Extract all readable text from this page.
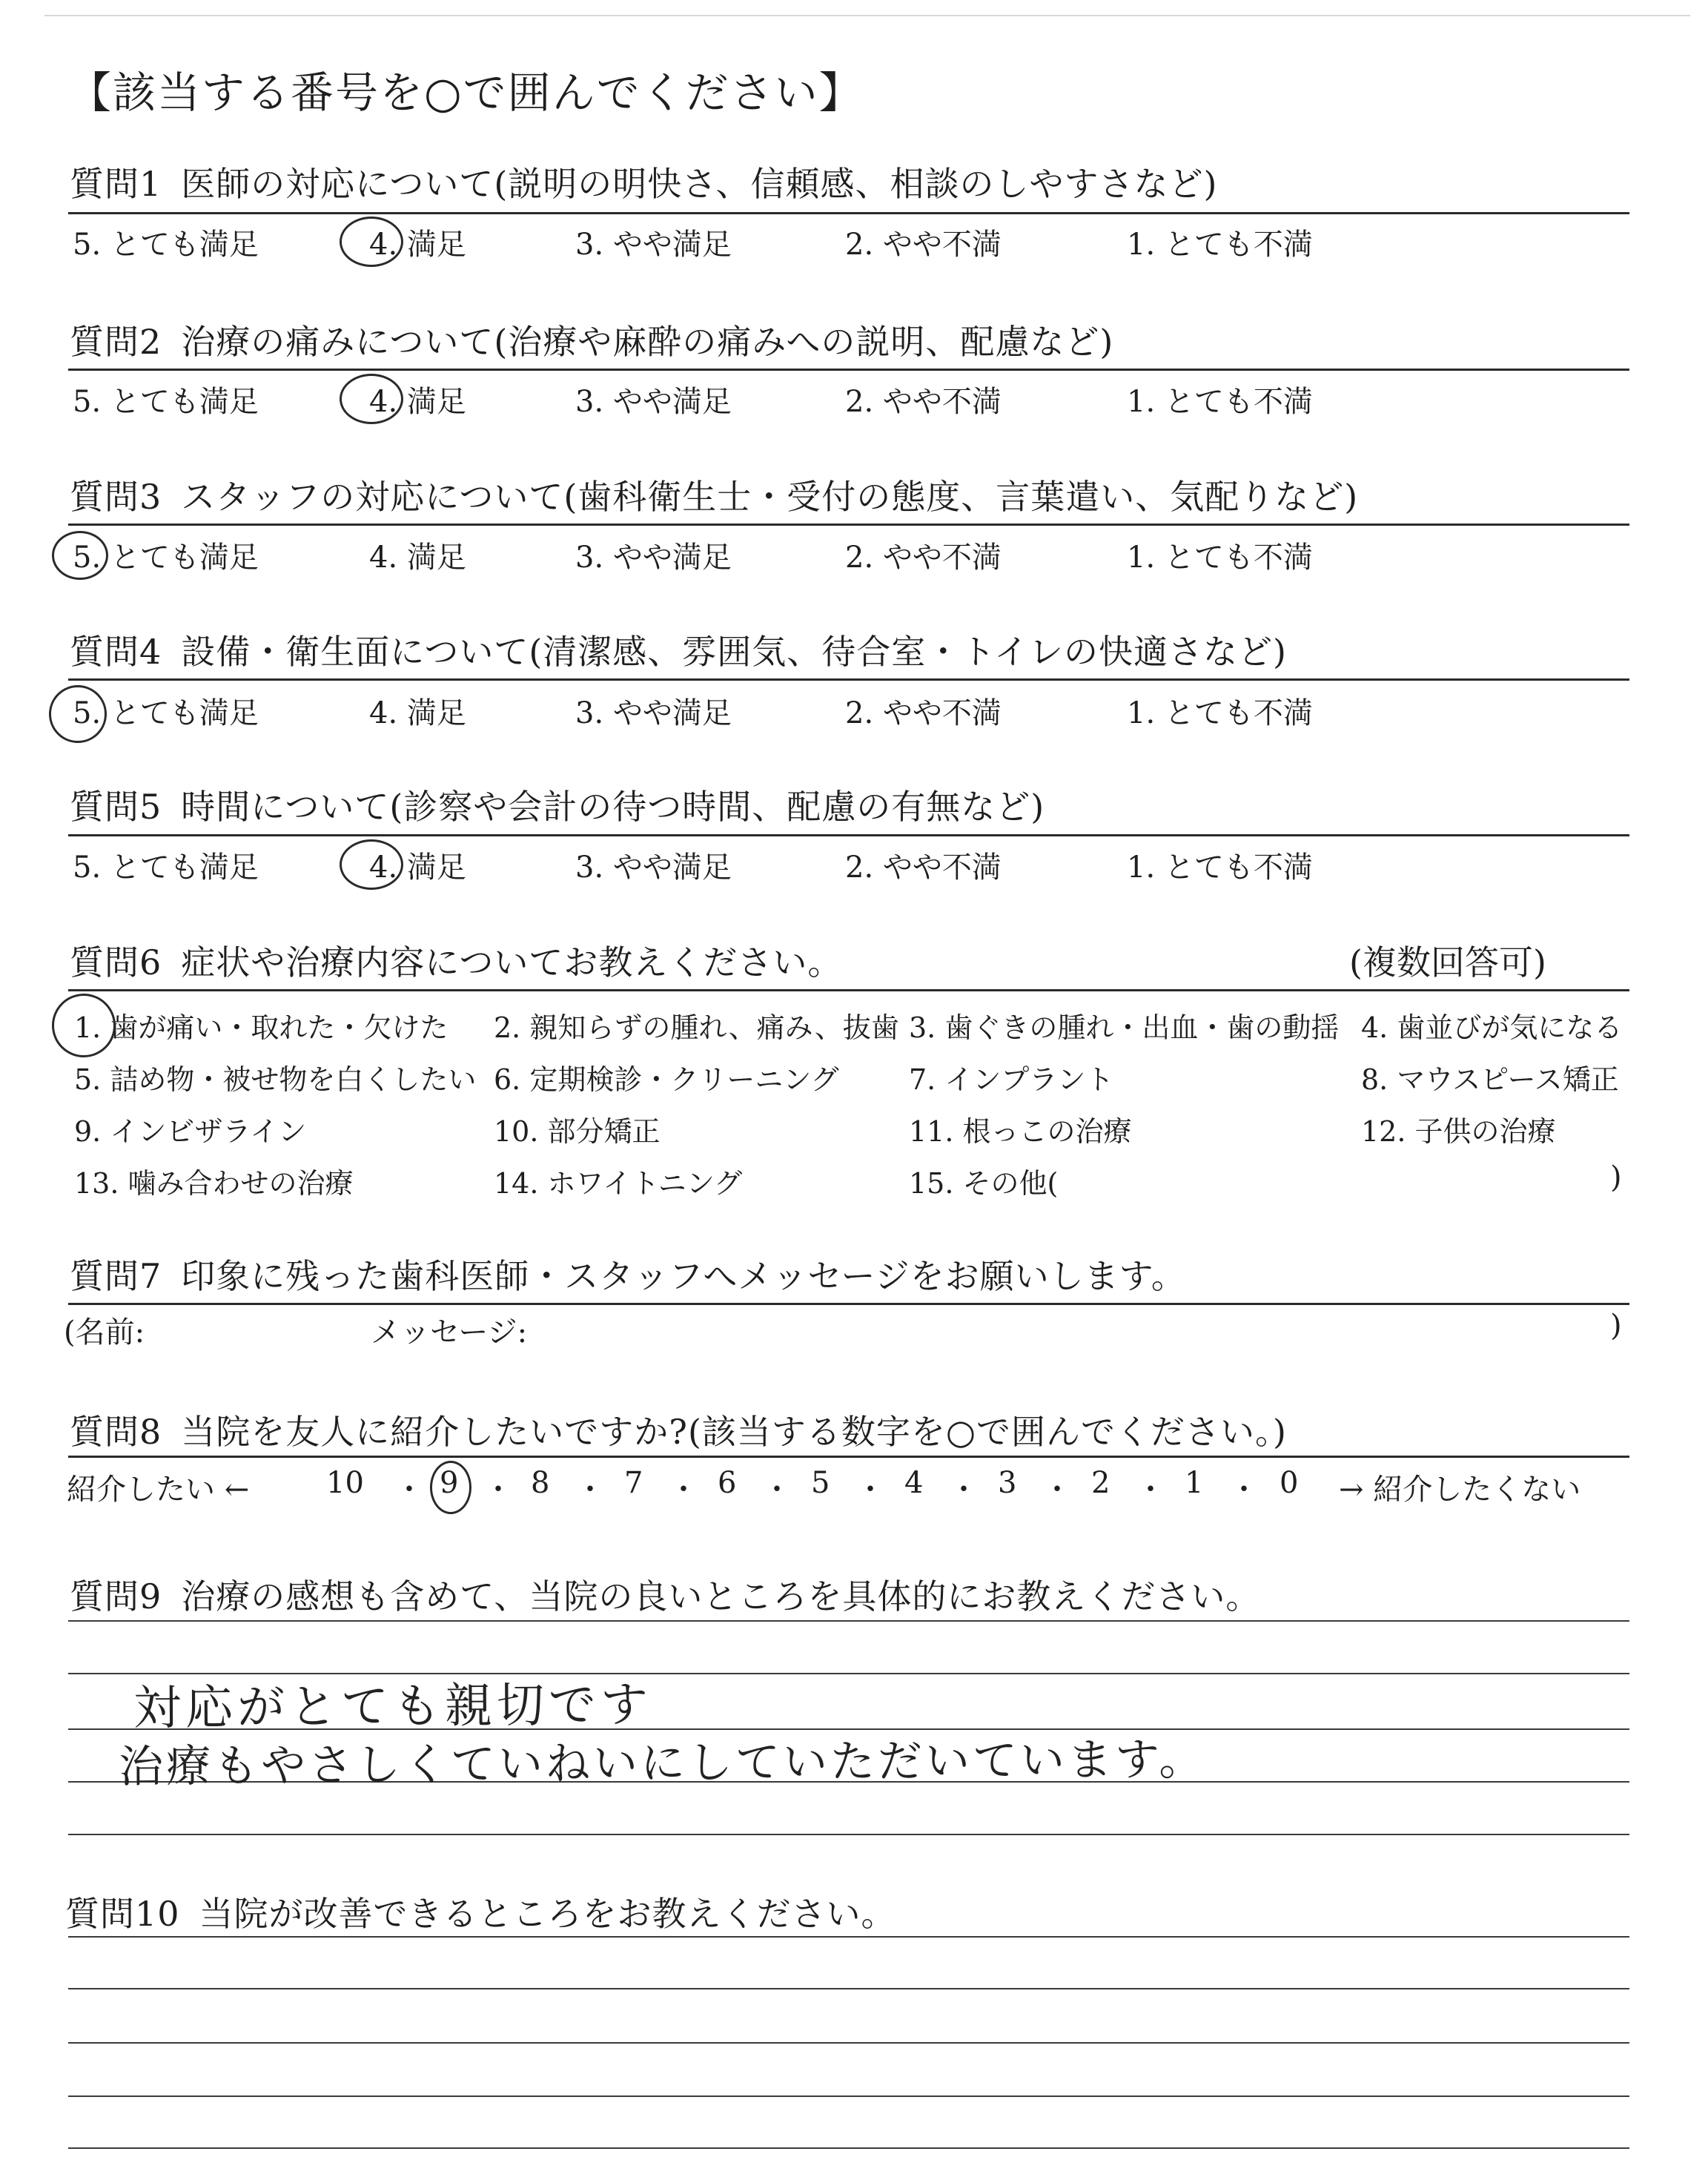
【該当する番号を○で囲んでください】
質問1 医師の対応について(説明の明快さ、信頼感、相談のしやすさなど)
5. とても満足	4. 満足	3. やや満足	2. やや不満	1. とても不満
質問2 治療の痛みについて(治療や麻酔の痛みへの説明、配慮など)
5. とても満足	4. 満足	3. やや満足	2. やや不満	1. とても不満
質問3 スタッフの対応について(歯科衛生士・受付の態度、言葉遣い、気配りなど)
5. とても満足	4. 満足	3. やや満足	2. やや不満	1. とても不満
質問4 設備・衛生面について(清潔感、雰囲気、待合室・トイレの快適さなど)
5. とても満足	4. 満足	3. やや満足	2. やや不満	1. とても不満
質問5 時間について(診察や会計の待つ時間、配慮の有無など)
5. とても満足	4. 満足	3. やや満足	2. やや不満	1. とても不満
質問6 症状や治療内容についてお教えください。	(複数回答可)
1. 歯が痛い・取れた・欠けた 2. 親知らずの腫れ、痛み、抜歯 3. 歯ぐきの腫れ・出血・歯の動揺 4. 歯並びが気になる
5. 詰め物・被せ物を白くしたい 6. 定期検診・クリーニング 7. インプラント	8. マウスピース矯正
9. インビザライン	10. 部分矯正	11. 根っこの治療	12. 子供の治療
13. 噛み合わせの治療	14. ホワイトニング	15. その他(	)
質問7 印象に残った歯科医師・スタッフへメッセージをお願いします。
(名前:	メッセージ:	)
質問8 当院を友人に紹介したいですか?(該当する数字を○で囲んでください。)
紹介したい ←	10 ・ 9 ・ 8 ・ 7 ・ 6 ・ 5 ・ 4 ・ 3 ・ 2 ・ 1 ・ 0 → 紹介したくない
質問9 治療の感想も含めて、当院の良いところを具体的にお教えください。
対応がとても親切です
治療もやさしくていねいにしていただいています。
質問10 当院が改善できるところをお教えください。
